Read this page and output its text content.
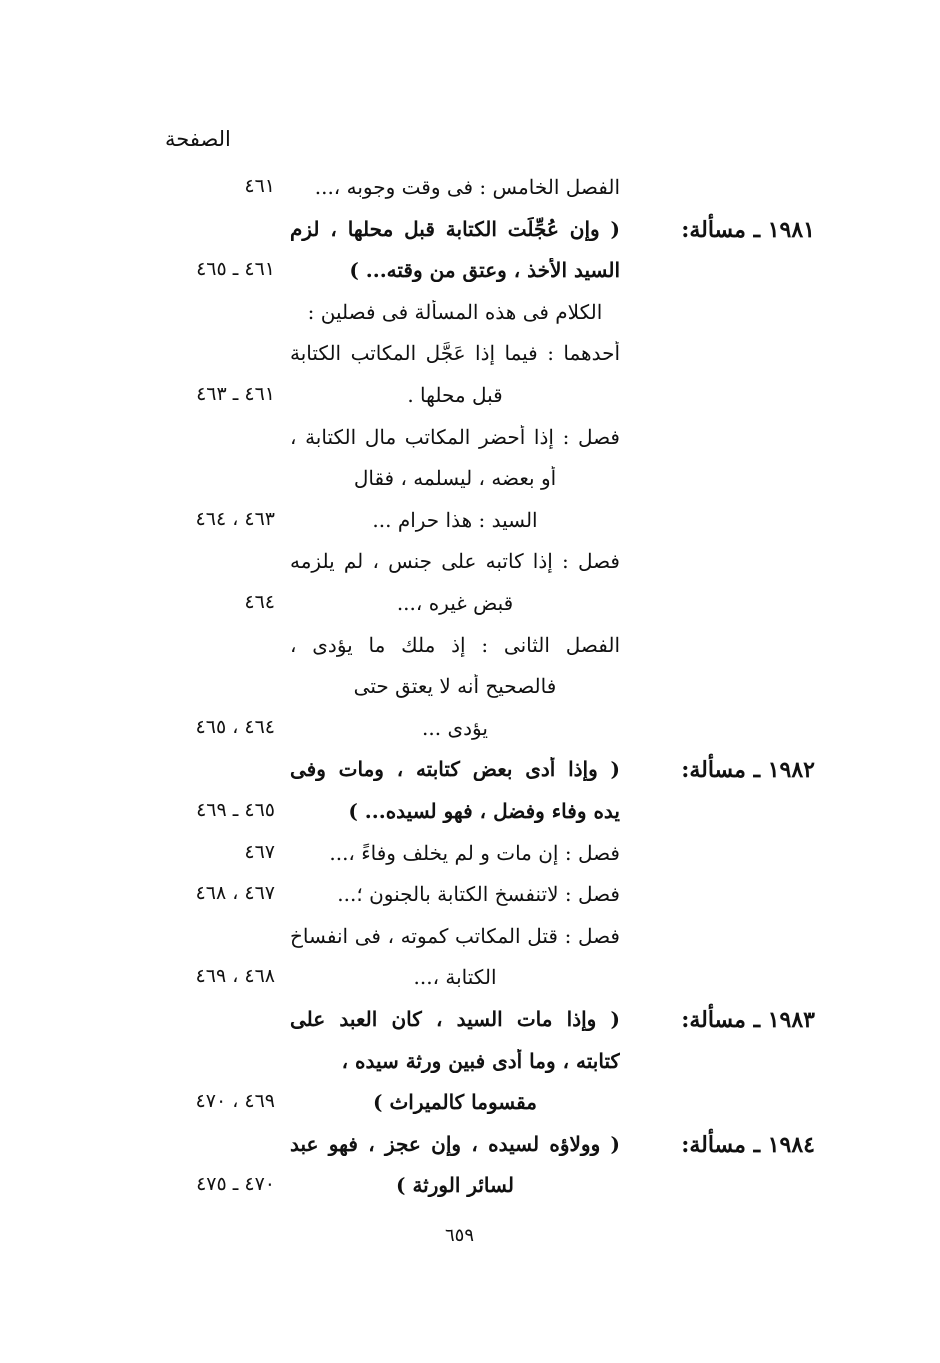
الصفحة
الفصل الخامس : فى وقت وجوبه ،...
٤٦١
١٩٨١ ـ مسألة:
( وإن عُجِّلَت الكتابة قبل محلها ، لزم
السيد الأخذ ، وعتق من وقته... )
٤٦١ ـ ٤٦٥
الكلام فى هذه المسألة فى فصلين :
أحدهما : فيما إذا عَجَّل المكاتب الكتابة
قبل محلها .
٤٦١ ـ ٤٦٣
فصل : إذا أحضر المكاتب مال الكتابة ،
أو بعضه ، ليسلمه ، فقال
السيد : هذا حرام ...
٤٦٣ ، ٤٦٤
فصل : إذا كاتبه على جنس ، لم يلزمه
قبض غيره ،...
٤٦٤
الفصل الثانى : إذ ملك ما يؤدى ،
فالصحيح أنه لا يعتق حتى
يؤدى ...
٤٦٤ ، ٤٦٥
١٩٨٢ ـ مسألة:
( وإذا أدى بعض كتابته ، ومات وفى
يده وفاء وفضل ، فهو لسيده... )
٤٦٥ ـ ٤٦٩
فصل : إن مات و لم يخلف وفاءً ،...
٤٦٧
فصل : لاتنفسخ الكتابة بالجنون ؛...
٤٦٧ ، ٤٦٨
فصل : قتل المكاتب كموته ، فى انفساخ
الكتابة ،...
٤٦٨ ، ٤٦٩
١٩٨٣ ـ مسألة:
( وإذا مات السيد ، كان العبد على
كتابته ، وما أدى فبين ورثة سيده ،
مقسوما كالميراث )
٤٦٩ ، ٤٧٠
١٩٨٤ ـ مسألة:
( وولاؤه لسيده ، وإن عجز ، فهو عبد
لسائر الورثة )
٤٧٠ ـ ٤٧٥
٦٥٩
